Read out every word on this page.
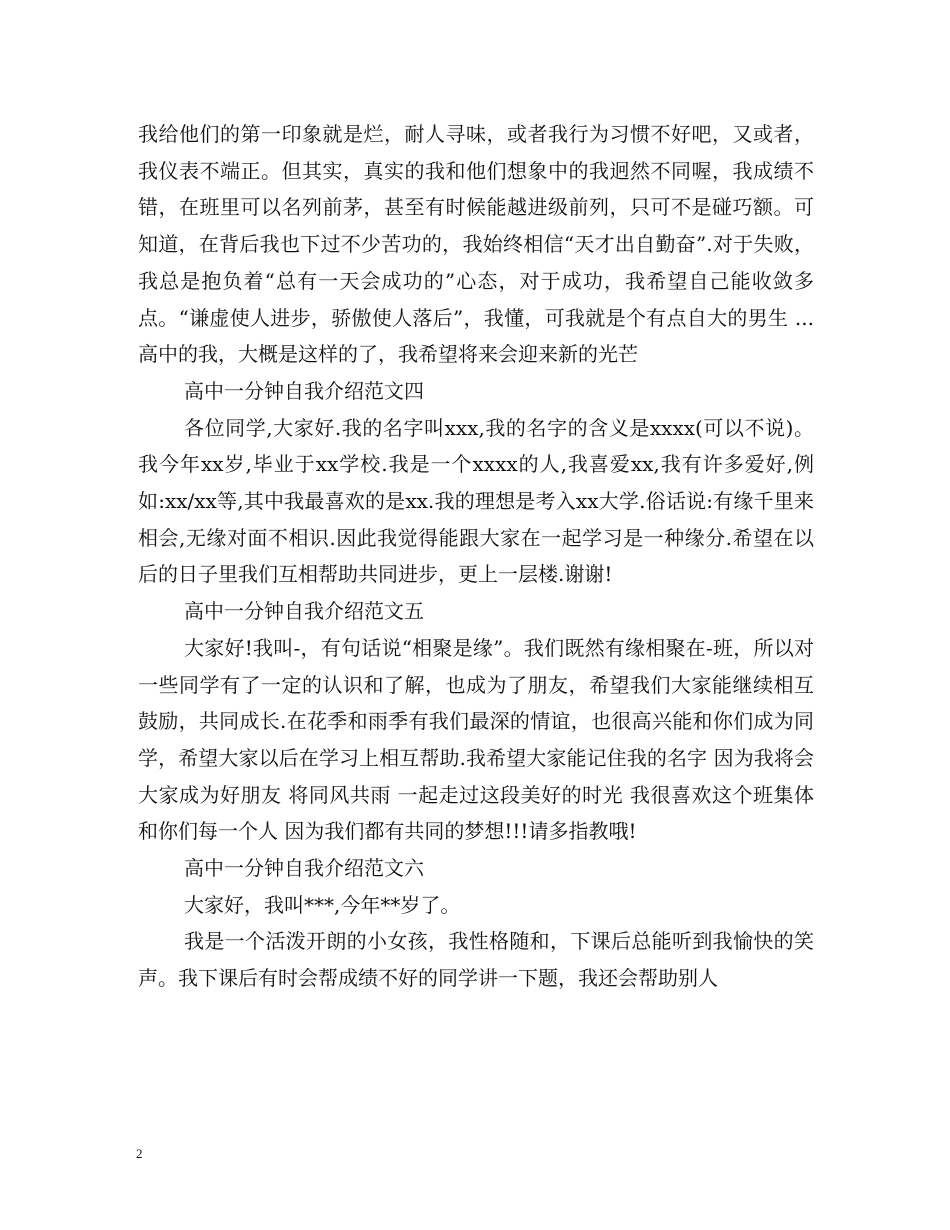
我给他们的第一印象就是烂，耐人寻味，或者我行为习惯不好吧，又或者，我仪表不端正。但其实，真实的我和他们想象中的我迥然不同喔，我成绩不错，在班里可以名列前茅，甚至有时候能越进级前列，只可不是碰巧额。可知道，在背后我也下过不少苦功的，我始终相信“天才出自勤奋”.对于失败，我总是抱负着“总有一天会成功的”心态，对于成功，我希望自己能收敛多点。“谦虚使人进步，骄傲使人落后”，我懂，可我就是个有点自大的男生 ...高中的我，大概是这样的了，我希望将来会迎来新的光芒

高中一分钟自我介绍范文四

各位同学,大家好.我的名字叫xxx,我的名字的含义是xxxx(可以不说)。我今年xx岁,毕业于xx学校.我是一个xxxx的人,我喜爱xx,我有许多爱好,例如:xx/xx等,其中我最喜欢的是xx.我的理想是考入xx大学.俗话说:有缘千里来相会,无缘对面不相识.因此我觉得能跟大家在一起学习是一种缘分.希望在以后的日子里我们互相帮助共同进步，更上一层楼.谢谢!

高中一分钟自我介绍范文五

大家好!我叫-，有句话说“相聚是缘”。我们既然有缘相聚在-班，所以对一些同学有了一定的认识和了解，也成为了朋友，希望我们大家能继续相互鼓励，共同成长.在花季和雨季有我们最深的情谊，也很高兴能和你们成为同学，希望大家以后在学习上相互帮助.我希望大家能记住我的名字 因为我将会大家成为好朋友 将同风共雨 一起走过这段美好的时光 我很喜欢这个班集体和你们每一个人 因为我们都有共同的梦想!!!请多指教哦!

高中一分钟自我介绍范文六

大家好，我叫***,今年**岁了。

我是一个活泼开朗的小女孩，我性格随和，下课后总能听到我愉快的笑声。我下课后有时会帮成绩不好的同学讲一下题，我还会帮助别人

2
